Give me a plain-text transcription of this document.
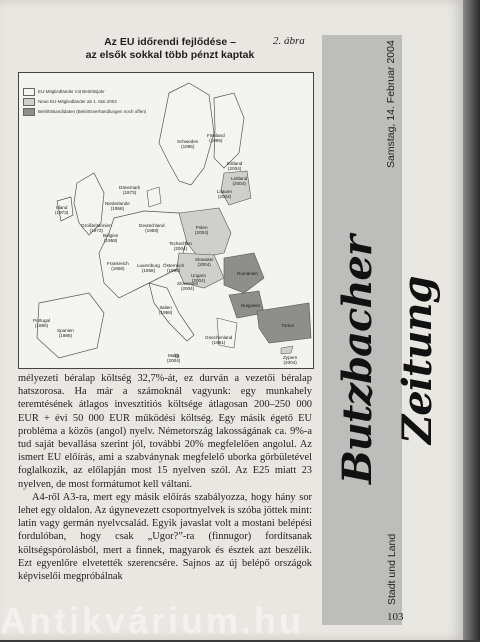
Az EU időrendi fejlődése –
az elsők sokkal több pénzt kaptak
2. ábra
EU-Mitgliedländer mit Beitrittsjahr
Neue EU-Mitgliedländer ab 1. Mai 2004
Beitrittskandidaten (Beitrittsverhandlungen noch offen)
Finnland
(1995)
Schweden
(1995)
Estland
(2004)
Lettland
(2004)
Litauen
(2004)
Dänemark
(1973)
Irland
(1973)
Großbritannien
(1973)
Niederlande
(1958)
Belgien
(1958)
Luxemburg
(1958)
Deutschland
(1958)
Polen
(2004)
Tschechien
(2004)
Slowakei
(2004)
Österreich
(1995)
Ungarn
(2004)
Slowenien
(2004)
Frankreich
(1958)
Italien
(1958)
Rumänien
Bulgarien
Türkei
Portugal
(1986)
Spanien
(1986)	Griechenland
(1981)
Malta
(2004)
Zypern
(2004)

mélyezeti béralap költség 32,7%-át, ez durván a vezetői béralap hatszorosa. Ha már a számoknál vagyunk: egy munkahely teremtésének átlagos invesztitiós költsége átlagosan 200–250 000 EUR + évi 50 000 EUR működési költség. Egy másik égető EU probléma a közös (angol) nyelv. Németország lakosságának ca. 9%-a tud saját bevallása szerint jól, további 20% megfelelően angolul. Az ismert EU előírás, ami a szabványnak megfelelő uborka görbületével foglalkozik, az előlapján most 15 nyelven szól. Az E25 miatt 23 nyelven, de most formátumot kell váltani.

A4-ről A3-ra, mert egy másik előírás szabályozza, hogy hány sor lehet egy oldalon. Az úgynevezett csoportnyelvek is szóba jöttek mint: latin vagy germán nyelvcsalád. Egyik javaslat volt a mostani belépési fordulóban, hogy csak „Ugor?”-ra (finnugor) fordítsanak költségspórolásból, mert a finnek, magyarok és észtek azt beszélik. Ezt egyenlőre elvetették szerencsére. Sajnos az új belépő országok képviselői megpróbálnak

Samstag, 14. Februar 2004
Butzbacher Zeitung
Stadt und Land
103
Antikvárium.hu
